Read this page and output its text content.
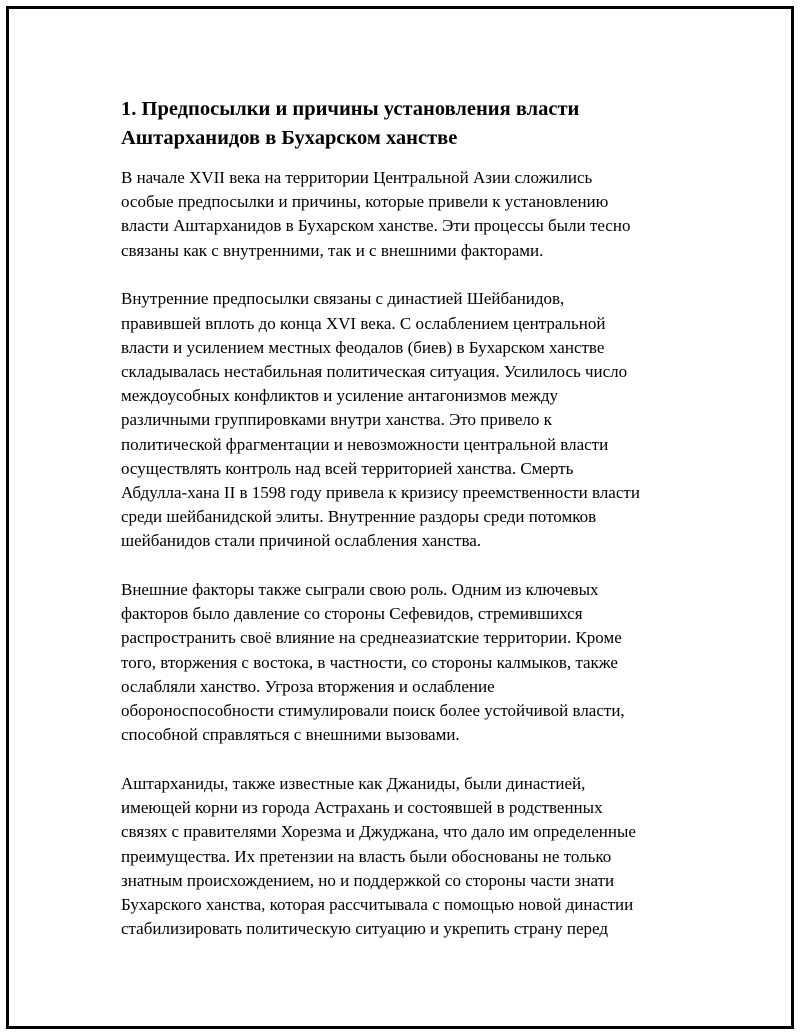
1. Предпосылки и причины установления власти
Аштарханидов в Бухарском ханстве

В начале XVII века на территории Центральной Азии сложились
особые предпосылки и причины, которые привели к установлению
власти Аштарханидов в Бухарском ханстве. Эти процессы были тесно
связаны как с внутренними, так и с внешними факторами.

Внутренние предпосылки связаны с династией Шейбанидов,
правившей вплоть до конца XVI века. С ослаблением центральной
власти и усилением местных феодалов (биев) в Бухарском ханстве
складывалась нестабильная политическая ситуация. Усилилось число
междоусобных конфликтов и усиление антагонизмов между
различными группировками внутри ханства. Это привело к
политической фрагментации и невозможности центральной власти
осуществлять контроль над всей территорией ханства. Смерть
Абдулла-хана II в 1598 году привела к кризису преемственности власти
среди шейбанидской элиты. Внутренние раздоры среди потомков
шейбанидов стали причиной ослабления ханства.

Внешние факторы также сыграли свою роль. Одним из ключевых
факторов было давление со стороны Сефевидов, стремившихся
распространить своё влияние на среднеазиатские территории. Кроме
того, вторжения с востока, в частности, со стороны калмыков, также
ослабляли ханство. Угроза вторжения и ослабление
обороноспособности стимулировали поиск более устойчивой власти,
способной справляться с внешними вызовами.

Аштарханиды, также известные как Джаниды, были династией,
имеющей корни из города Астрахань и состоявшей в родственных
связях с правителями Хорезма и Джуджана, что дало им определенные
преимущества. Их претензии на власть были обоснованы не только
знатным происхождением, но и поддержкой со стороны части знати
Бухарского ханства, которая рассчитывала с помощью новой династии
стабилизировать политическую ситуацию и укрепить страну перед
